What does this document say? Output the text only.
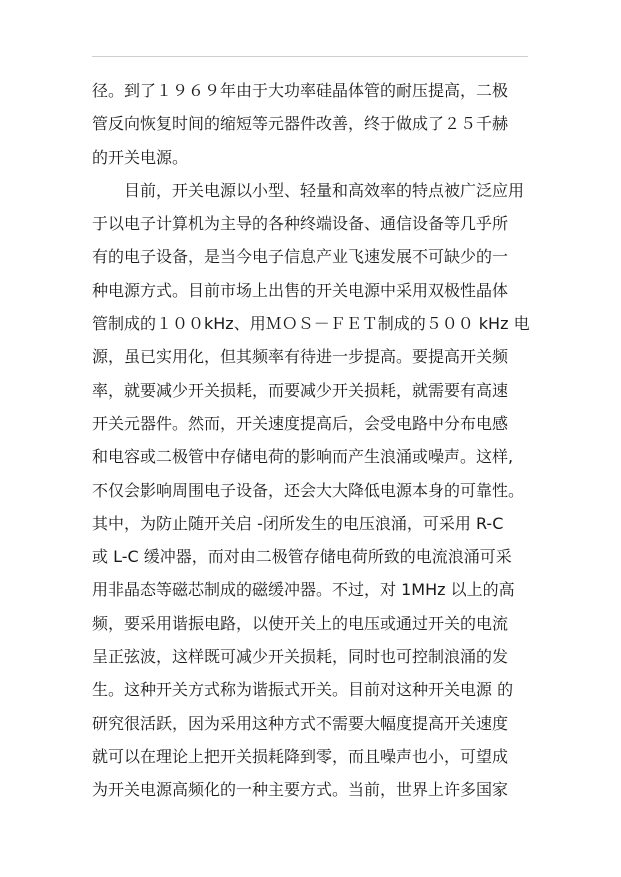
径。到了１９６９年由于大功率硅晶体管的耐压提高，二极
管反向恢复时间的缩短等元器件改善，终于做成了２５千赫
的开关电源。
　　目前，开关电源以小型、轻量和高效率的特点被广泛应用
于以电子计算机为主导的各种终端设备、通信设备等几乎所
有的电子设备，是当今电子信息产业飞速发展不可缺少的一
种电源方式。目前市场上出售的开关电源中采用双极性晶体
管制成的１００kHz、用ＭＯＳ－ＦＥＴ制成的５００ kHz 电
源，虽已实用化，但其频率有待进一步提高。要提高开关频
率，就要减少开关损耗，而要减少开关损耗，就需要有高速
开关元器件。然而，开关速度提高后，会受电路中分布电感
和电容或二极管中存储电荷的影响而产生浪涌或噪声。这样,
不仅会影响周围电子设备，还会大大降低电源本身的可靠性。
其中，为防止随开关启 -闭所发生的电压浪涌，可采用 R-C
或 L-C 缓冲器，而对由二极管存储电荷所致的电流浪涌可采
用非晶态等磁芯制成的磁缓冲器。不过，对 1MHz 以上的高
频，要采用谐振电路，以使开关上的电压或通过开关的电流
呈正弦波，这样既可减少开关损耗，同时也可控制浪涌的发
生。这种开关方式称为谐振式开关。目前对这种开关电源 的
研究很活跃，因为采用这种方式不需要大幅度提高开关速度
就可以在理论上把开关损耗降到零，而且噪声也小，可望成
为开关电源高频化的一种主要方式。当前，世界上许多国家
